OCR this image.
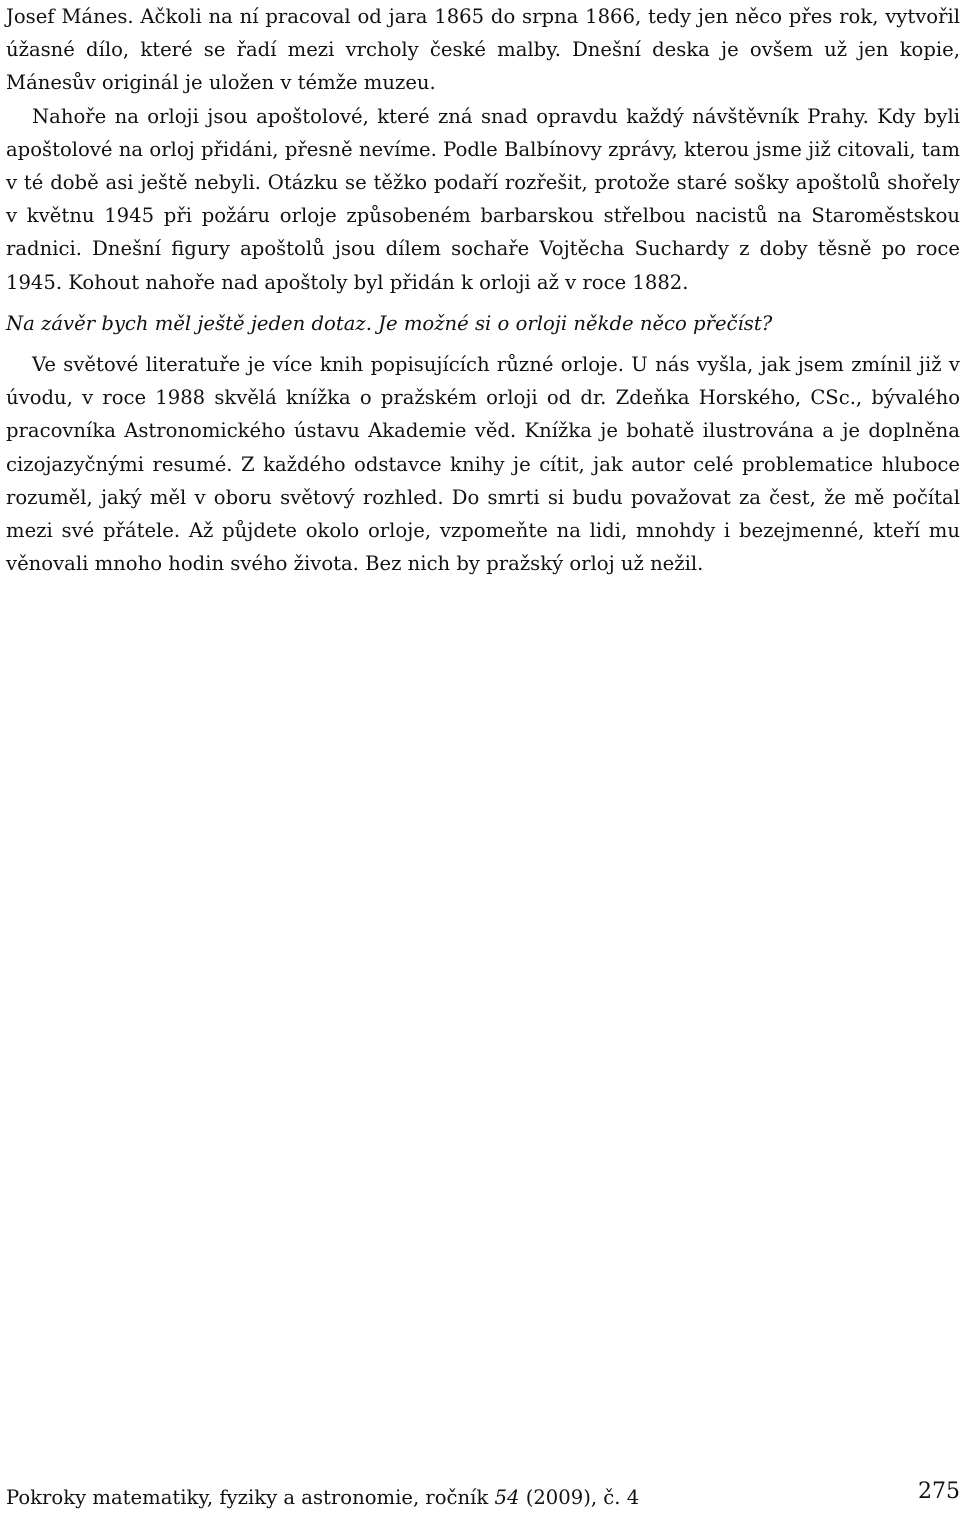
Josef Mánes. Ačkoli na ní pracoval od jara 1865 do srpna 1866, tedy jen něco přes rok, vytvořil úžasné dílo, které se řadí mezi vrcholy české malby. Dnešní deska je ovšem už jen kopie, Mánesův originál je uložen v témže muzeu.

Nahoře na orloji jsou apoštolové, které zná snad opravdu každý návštěvník Prahy. Kdy byli apoštolové na orloj přidáni, přesně nevíme. Podle Balbínovy zprávy, kterou jsme již citovali, tam v té době asi ještě nebyli. Otázku se těžko podaří rozřešit, protože staré sošky apoštolů shořely v květnu 1945 při požáru orloje způsobeném barbarskou střelbou nacistů na Staroměstskou radnici. Dnešní figury apoštolů jsou dílem sochaře Vojtěcha Suchardy z doby těsně po roce 1945. Kohout nahoře nad apoštoly byl přidán k orloji až v roce 1882.

Na závěr bych měl ještě jeden dotaz. Je možné si o orloji někde něco přečíst?

Ve světové literatuře je více knih popisujících různé orloje. U nás vyšla, jak jsem zmínil již v úvodu, v roce 1988 skvělá knížka o pražském orloji od dr. Zdeňka Horského, CSc., bývalého pracovníka Astronomického ústavu Akademie věd. Knížka je bohatě ilustrována a je doplněna cizojazyčnými resumé. Z každého odstavce knihy je cítit, jak autor celé problematice hluboce rozuměl, jaký měl v oboru světový rozhled. Do smrti si budu považovat za čest, že mě počítal mezi své přátele. Až půjdete okolo orloje, vzpomeňte na lidi, mnohdy i bezejmenné, kteří mu věnovali mnoho hodin svého života. Bez nich by pražský orloj už nežil.

Pokroky matematiky, fyziky a astronomie, ročník 54 (2009), č. 4	275
